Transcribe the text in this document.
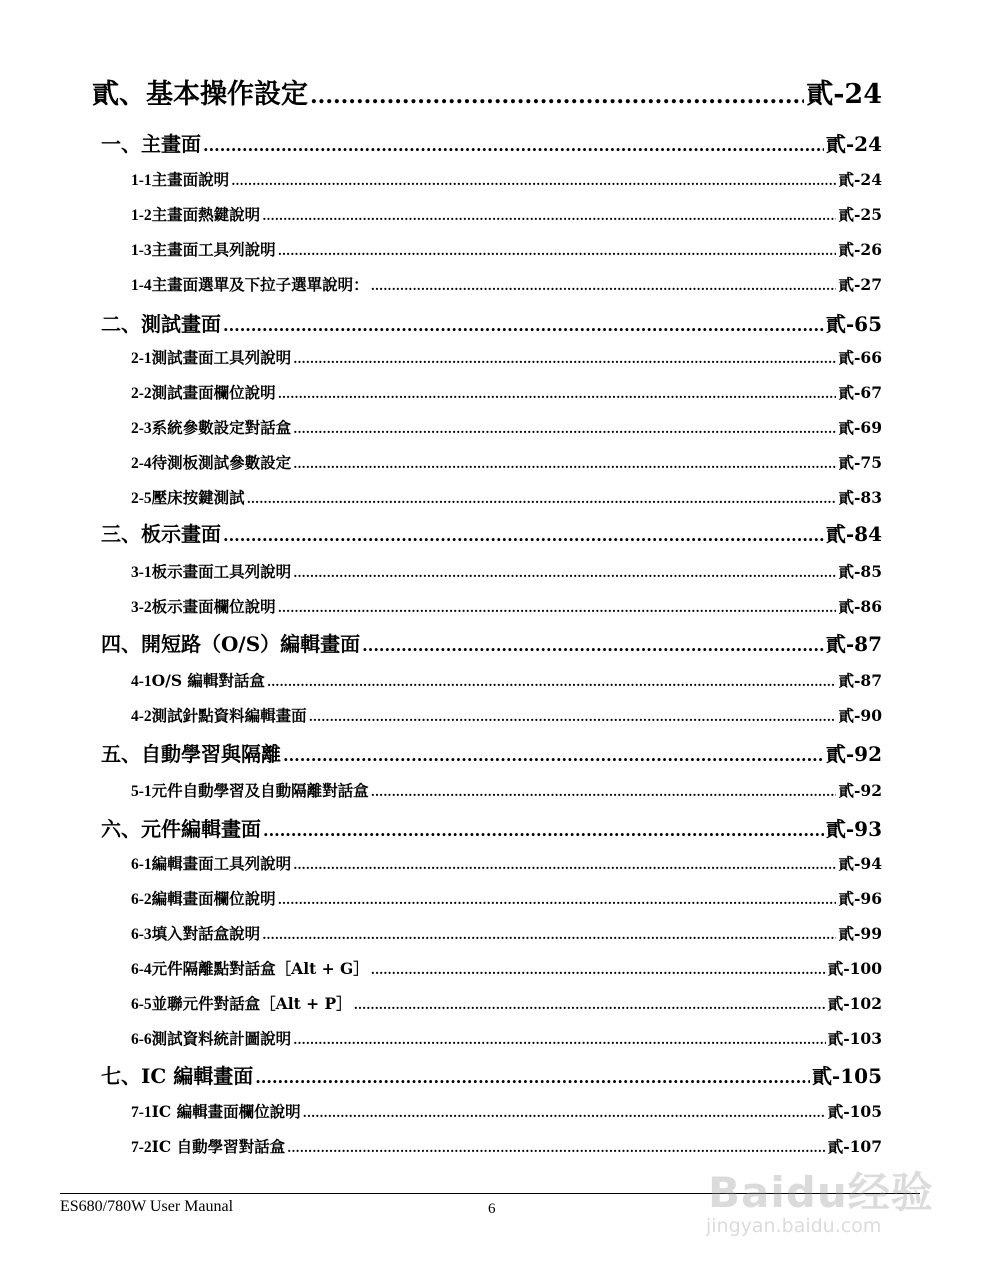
貳、 基本操作設定 .....	貳-24
一、 主畫面 .....	貳-24
1-1 主畫面說明 .....	貳-24
1-2 主畫面熱鍵說明 .....	貳-25
1-3 主畫面工具列說明 .....	貳-26
1-4 主畫面選單及下拉子選單說明： .....	貳-27
二、 測試畫面 .....	貳-65
2-1 測試畫面工具列說明 .....	貳-66
2-2 測試畫面欄位說明 .....	貳-67
2-3 系統參數設定對話盒 .....	貳-69
2-4 待測板測試參數設定 .....	貳-75
2-5 壓床按鍵測試 .....	貳-83
三、 板示畫面 .....	貳-84
3-1 板示畫面工具列說明 .....	貳-85
3-2 板示畫面欄位說明 .....	貳-86
四、 開短路（O/S）編輯畫面 .....	貳-87
4-1 O/S 編輯對話盒 .....	貳-87
4-2 測試針點資料編輯畫面 .....	貳-90
五、 自動學習與隔離 .....	貳-92
5-1 元件自動學習及自動隔離對話盒 .....	貳-92
六、 元件編輯畫面 .....	貳-93
6-1 編輯畫面工具列說明 .....	貳-94
6-2 編輯畫面欄位說明 .....	貳-96
6-3 填入對話盒說明 .....	貳-99
6-4 元件隔離點對話盒［Alt + G］ .....	貳-100
6-5 並聯元件對話盒［Alt + P］ .....	貳-102
6-6 測試資料統計圖說明 .....	貳-103
七、 IC 編輯畫面 .....	貳-105
7-1 IC 編輯畫面欄位說明 .....	貳-105
7-2 IC 自動學習對話盒 .....	貳-107
ES680/780W User Maunal	6	Baidu经验
jingyan.baidu.com
